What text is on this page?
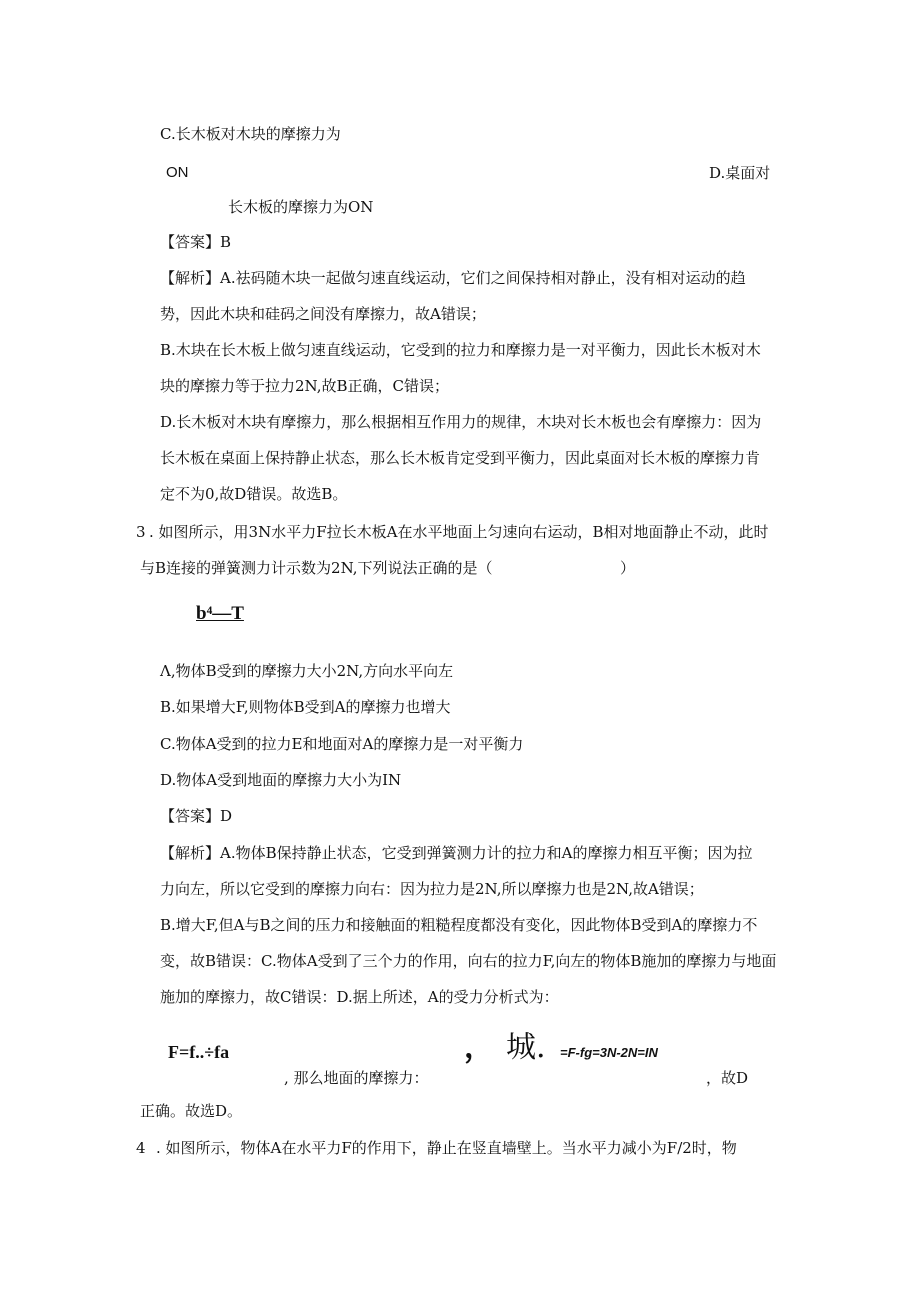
C.长木板对木块的摩擦力为
ON	D.桌面对
长木板的摩擦力为ON
【答案】B
【解析】A.祛码随木块一起做匀速直线运动，它们之间保持相对静止，没有相对运动的趋
势，因此木块和硅码之间没有摩擦力，故A错误；
B.木块在长木板上做匀速直线运动，它受到的拉力和摩擦力是一对平衡力，因此长木板对木
块的摩擦力等于拉力2N,故B正确，C错误；
D.长木板对木块有摩擦力，那么根据相互作用力的规律，木块对长木板也会有摩擦力：因为
长木板在桌面上保持静止状态，那么长木板肯定受到平衡力，因此桌面对长木板的摩擦力肯
定不为0,故D错误。故选B。
3 . 如图所示，用3N水平力F拉长木板A在水平地面上匀速向右运动，B相对地面静止不动，此时
与B连接的弹簧测力计示数为2N,下列说法正确的是（	）
b⁴—T
Λ,物体B受到的摩擦力大小2N,方向水平向左
B.如果增大F,则物体B受到A的摩擦力也增大
C.物体A受到的拉力E和地面对A的摩擦力是一对平衡力
D.物体A受到地面的摩擦力大小为IN
【答案】D
【解析】A.物体B保持静止状态，它受到弹簧测力计的拉力和A的摩擦力相互平衡；因为拉
力向左，所以它受到的摩擦力向右：因为拉力是2N,所以摩擦力也是2N,故A错误；
B.增大F,但A与B之间的压力和接触面的粗糙程度都没有变化，因此物体B受到A的摩擦力不
变，故B错误：C.物体A受到了三个力的作用，向右的拉力F,向左的物体B施加的摩擦力与地面
施加的摩擦力，故C错误：D.据上所述，A的受力分析式为：
F=f..÷fa	， 城. =F-fg=3N-2N=IN
, 那么地面的摩擦力：	，故D
正确。故选D。
4 . 如图所示，物体A在水平力F的作用下，静止在竖直墙壁上。当水平力减小为F/2时，物
